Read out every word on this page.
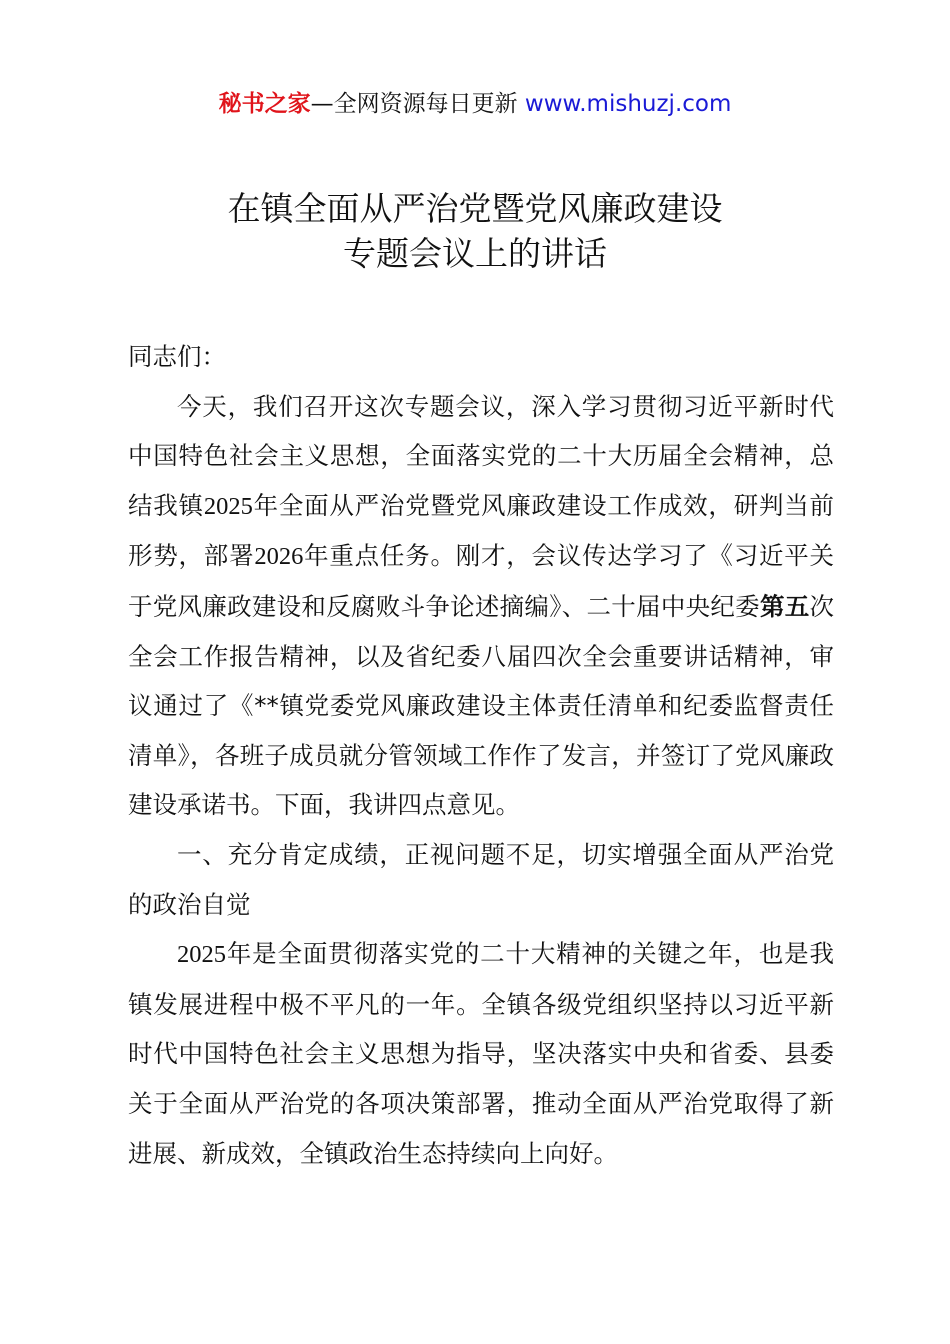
秘书之家—全网资源每日更新 www.mishuzj.com
在镇全面从严治党暨党风廉政建设
专题会议上的讲话

同志们：

今天，我们召开这次专题会议，深入学习贯彻习近平新时代中国特色社会主义思想，全面落实党的二十大历届全会精神，总结我镇2025年全面从严治党暨党风廉政建设工作成效，研判当前形势，部署2026年重点任务。刚才，会议传达学习了《习近平关于党风廉政建设和反腐败斗争论述摘编》、二十届中央纪委第五次全会工作报告精神，以及省纪委八届四次全会重要讲话精神，审议通过了《**镇党委党风廉政建设主体责任清单和纪委监督责任清单》，各班子成员就分管领域工作作了发言，并签订了党风廉政建设承诺书。下面，我讲四点意见。

一、充分肯定成绩，正视问题不足，切实增强全面从严治党的政治自觉

2025年是全面贯彻落实党的二十大精神的关键之年，也是我镇发展进程中极不平凡的一年。全镇各级党组织坚持以习近平新时代中国特色社会主义思想为指导，坚决落实中央和省委、县委关于全面从严治党的各项决策部署，推动全面从严治党取得了新进展、新成效，全镇政治生态持续向上向好。
